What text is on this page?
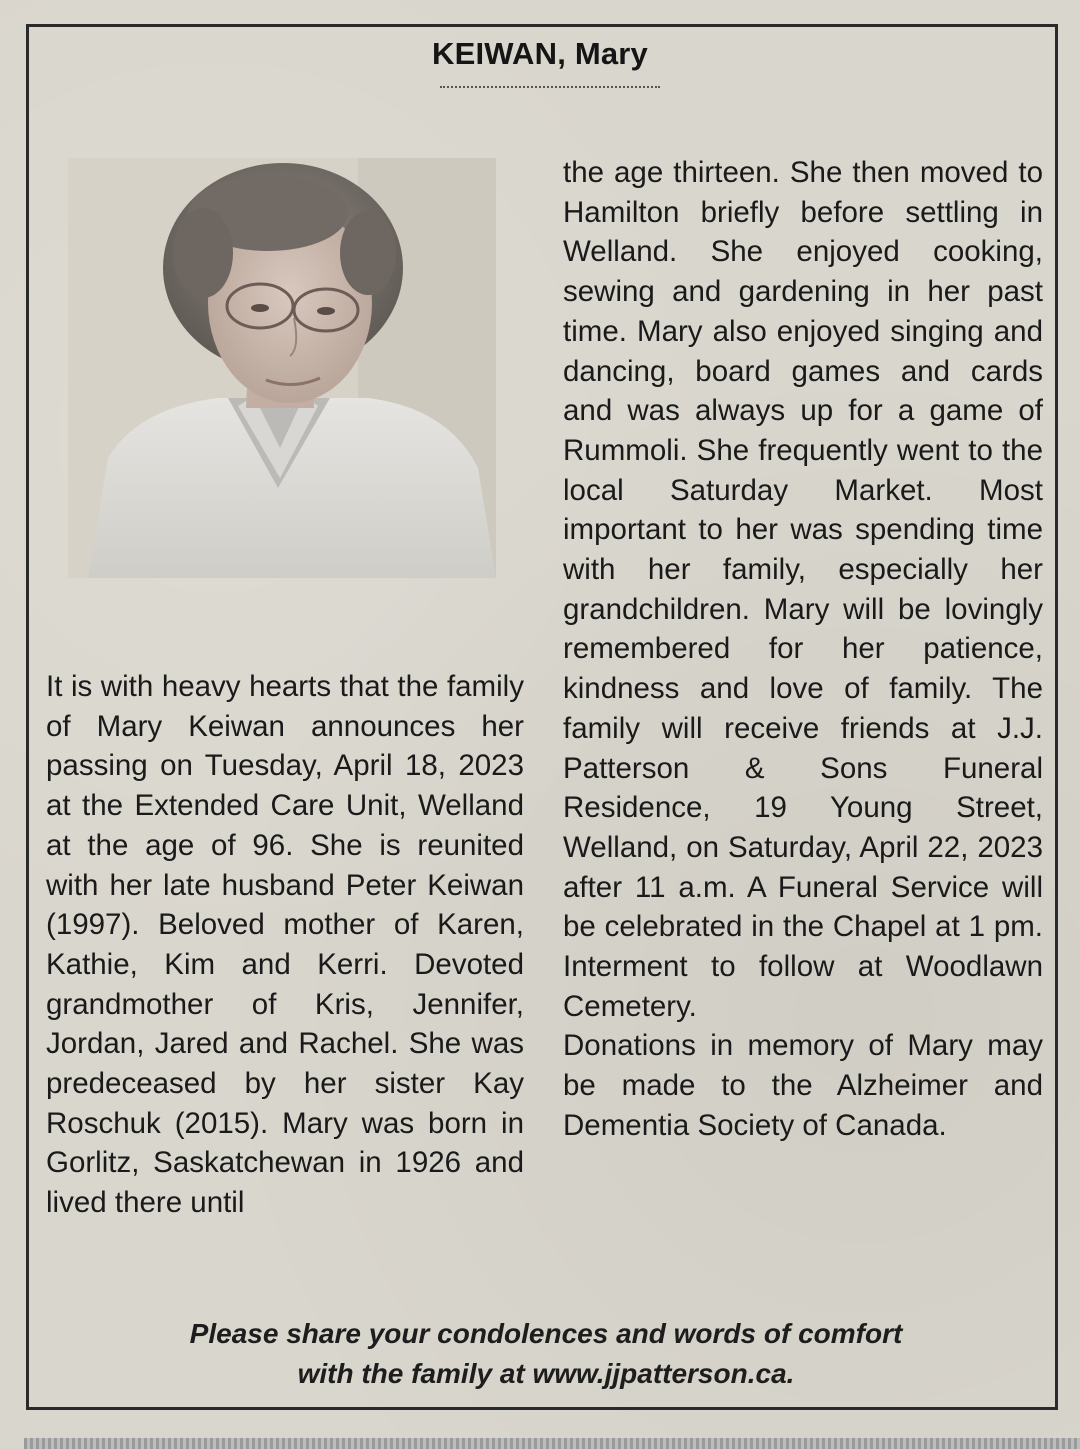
KEIWAN, Mary

It is with heavy hearts that the family of Mary Keiwan announces her passing on Tuesday, April 18, 2023 at the Extended Care Unit, Welland at the age of 96. She is reunited with her late husband Peter Keiwan (1997). Beloved mother of Karen, Kathie, Kim and Kerri. Devoted grandmother of Kris, Jennifer, Jordan, Jared and Rachel. She was predeceased by her sister Kay Roschuk (2015). Mary was born in Gorlitz, Saskatchewan in 1926 and lived there until

the age thirteen. She then moved to Hamilton briefly before settling in Welland. She enjoyed cooking, sewing and gardening in her past time. Mary also enjoyed singing and dancing, board games and cards and was always up for a game of Rummoli. She frequently went to the local Saturday Market. Most important to her was spending time with her family, especially her grandchildren. Mary will be lovingly remembered for her patience, kindness and love of family. The family will receive friends at J.J. Patterson & Sons Funeral Residence, 19 Young Street, Welland, on Saturday, April 22, 2023 after 11 a.m. A Funeral Service will be celebrated in the Chapel at 1 pm. Interment to follow at Woodlawn Cemetery.

Donations in memory of Mary may be made to the Alzheimer and Dementia Society of Canada.

Please share your condolences and words of comfort
with the family at www.jjpatterson.ca.
